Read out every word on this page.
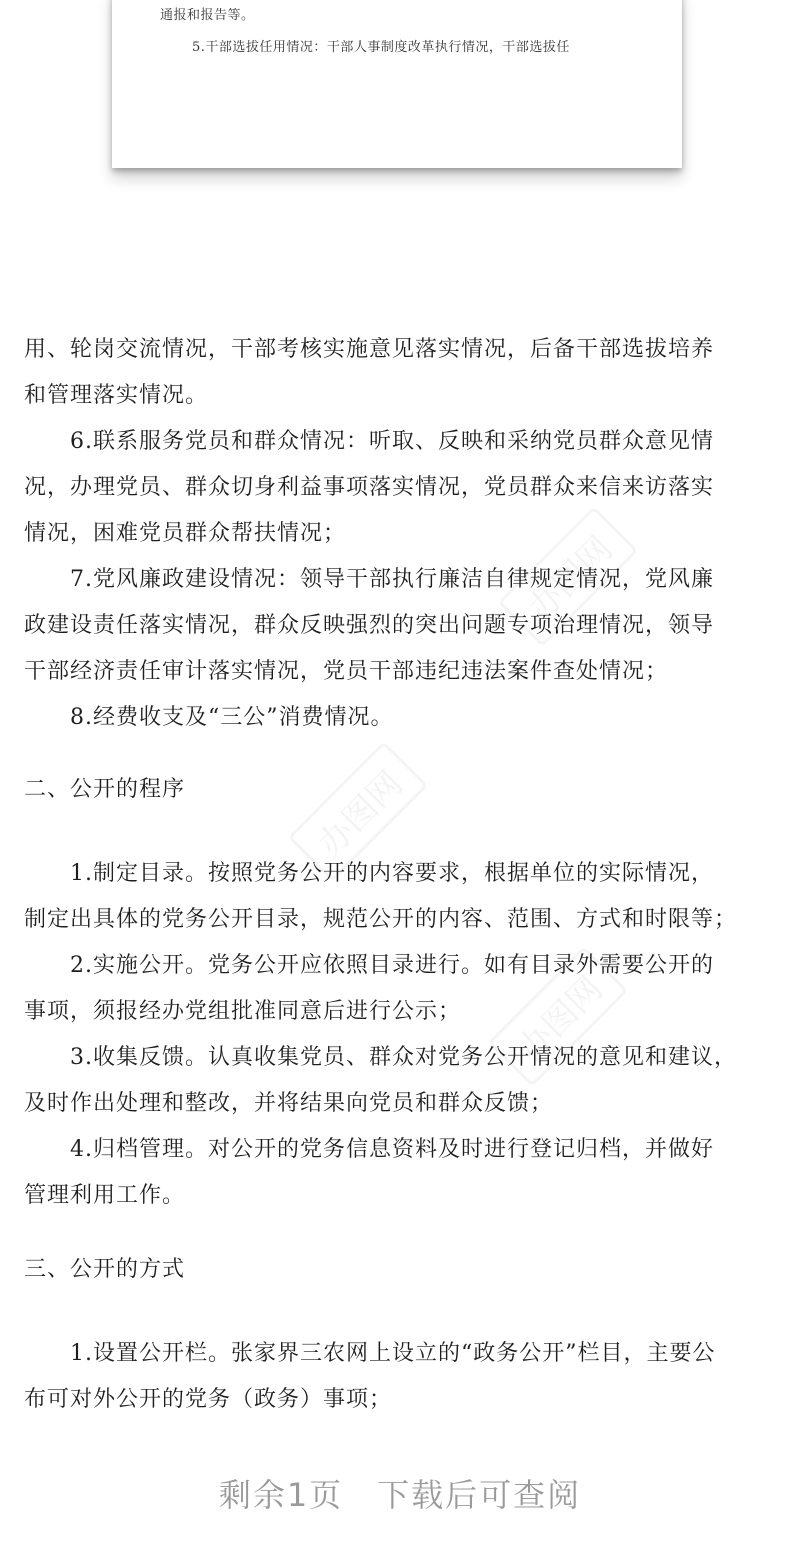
通报和报告等。
5.干部选拔任用情况：干部人事制度改革执行情况，干部选拔任
办图网
办图网
办图网
用、轮岗交流情况，干部考核实施意见落实情况，后备干部选拔培养
和管理落实情况。
6.联系服务党员和群众情况：听取、反映和采纳党员群众意见情
况，办理党员、群众切身利益事项落实情况，党员群众来信来访落实
情况，困难党员群众帮扶情况；
7.党风廉政建设情况：领导干部执行廉洁自律规定情况，党风廉
政建设责任落实情况，群众反映强烈的突出问题专项治理情况，领导
干部经济责任审计落实情况，党员干部违纪违法案件查处情况；
8.经费收支及“三公”消费情况。
二、公开的程序
1.制定目录。按照党务公开的内容要求，根据单位的实际情况，
制定出具体的党务公开目录，规范公开的内容、范围、方式和时限等；
2.实施公开。党务公开应依照目录进行。如有目录外需要公开的
事项，须报经办党组批准同意后进行公示；
3.收集反馈。认真收集党员、群众对党务公开情况的意见和建议，
及时作出处理和整改，并将结果向党员和群众反馈；
4.归档管理。对公开的党务信息资料及时进行登记归档，并做好
管理利用工作。
三、公开的方式
1.设置公开栏。张家界三农网上设立的“政务公开”栏目，主要公
布可对外公开的党务（政务）事项；
剩余1页　下载后可查阅
